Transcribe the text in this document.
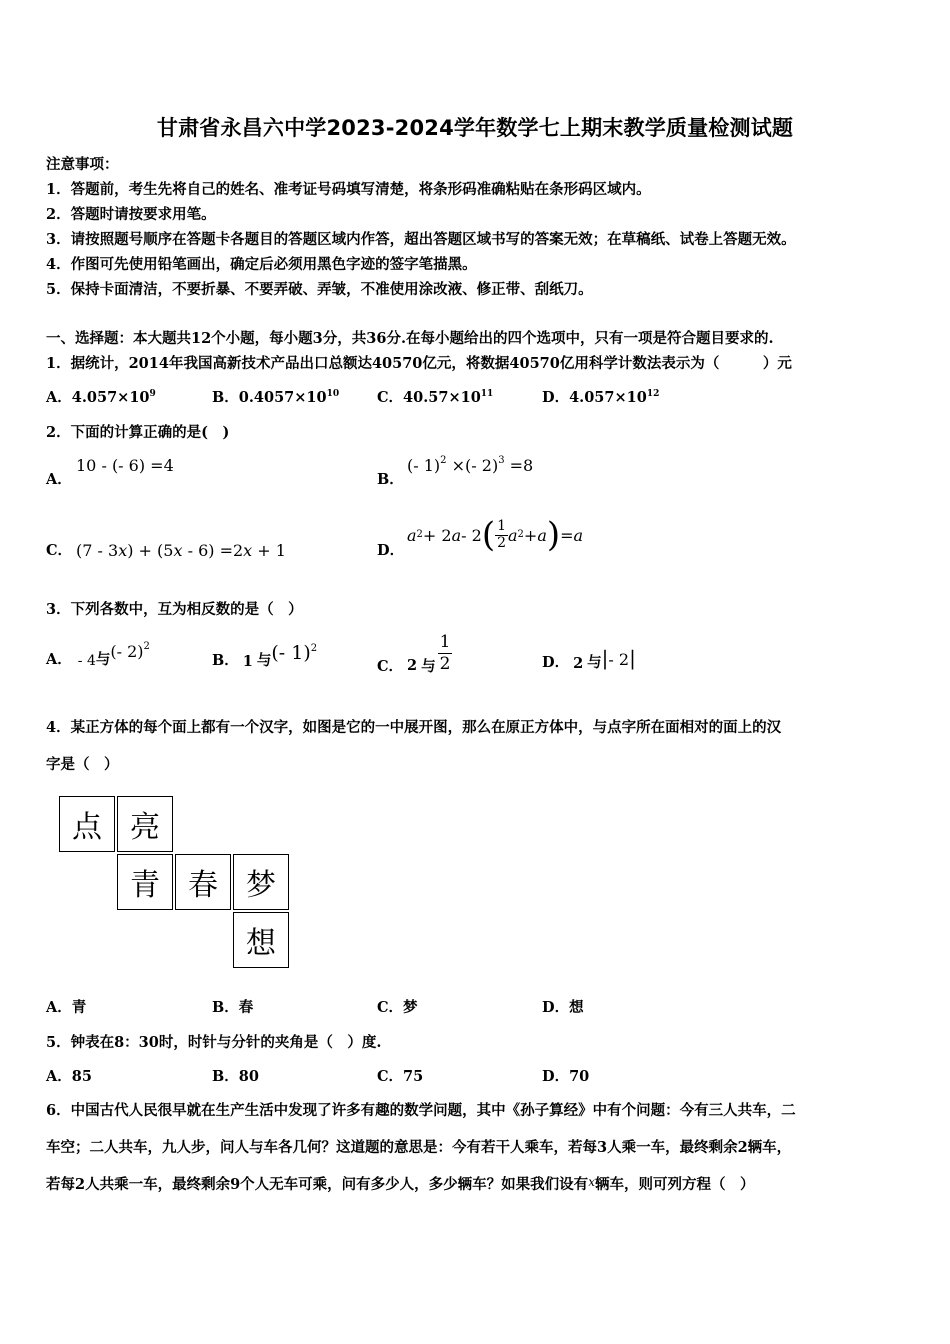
甘肃省永昌六中学2023-2024学年数学七上期末教学质量检测试题
注意事项：
1．答题前，考生先将自己的姓名、准考证号码填写清楚，将条形码准确粘贴在条形码区域内。
2．答题时请按要求用笔。
3．请按照题号顺序在答题卡各题目的答题区域内作答，超出答题区域书写的答案无效；在草稿纸、试卷上答题无效。
4．作图可先使用铅笔画出，确定后必须用黑色字迹的签字笔描黑。
5．保持卡面清洁，不要折暴、不要弄破、弄皱，不准使用涂改液、修正带、刮纸刀。
一、选择题：本大题共12个小题，每小题3分，共36分.在每小题给出的四个选项中，只有一项是符合题目要求的.
1．据统计，2014年我国高新技术产品出口总额达40570亿元，将数据40570亿用科学计数法表示为（　　　）元
A．$4.057\times 10^9$	B．$0.4057\times 10^{10}$	C．$40.57\times 10^{11}$	D．$4.057\times 10^{12}$
2．下面的计算正确的是(　)
A．
10 - (- 6) =4
B．
(- 1)$^2$ ×(- 2)$^3$ =8
C． (7 - 3x) + (5x - 6) =2x + 1	D．
a 2 + 2 a - 2 ( $\frac{1}{2}$ a 2 + a ) = a
3．下列各数中，互为相反数的是（　）
A． - 4 与 (- 2)$^2$
B． 1 与 (- 1)$^2$
C． 2 与 $\frac{1}{2}$	D． 2 与 |- 2|
4．某正方体的每个面上都有一个汉字，如图是它的一中展开图，那么在原正方体中，与点字所在面相对的面上的汉
字是（　）
点 亮
青 春 梦
想
A．青	B．春	C．梦	D．想
5．钟表在8：30时，时针与分针的夹角是（　）度.
A．85	B．80	C．75	D．70
6．中国古代人民很早就在生产生活中发现了许多有趣的数学问题，其中《孙子算经》中有个问题：今有三人共车，二
车空；二人共车，九人步，问人与车各几何？这道题的意思是：今有若干人乘车，若每3人乘一车，最终剩余2辆车，
若每2人共乘一车，最终剩余9个人无车可乘，问有多少人，多少辆车？如果我们设有$^x$辆车，则可列方程（　）
